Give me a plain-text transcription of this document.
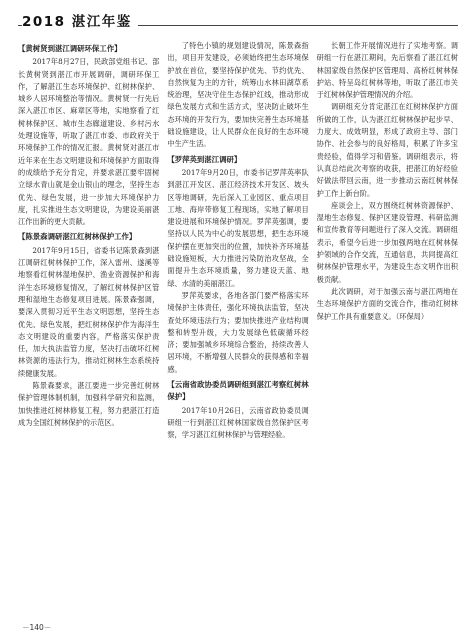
2018 湛江年鉴
【黄树贤到湛江调研环保工作】

2017年8月27日，民政部党组书记、部长黄树贤到湛江市开展调研，调研环保工作，了解湛江生态环境保护、红树林保护、城乡人居环境整治等情况。黄树贤一行先后深入湛江市区、麻章区等地，实地察看了红树林保护区、城市生态廊道建设、乡村污水处理设施等，听取了湛江市委、市政府关于环境保护工作的情况汇报。黄树贤对湛江市近年来在生态文明建设和环境保护方面取得的成绩给予充分肯定，并要求湛江要牢固树立绿水青山就是金山银山的理念，坚持生态优先、绿色发展，进一步加大环境保护力度，扎实推进生态文明建设，为建设美丽湛江作出新的更大贡献。

【陈景森调研湛江红树林保护工作】

2017年9月15日，省委书记陈景森到湛江调研红树林保护工作，深入雷州、遂溪等地察看红树林湿地保护、渔业资源保护和海洋生态环境修复情况，了解红树林保护区管理和湿地生态修复项目进展。陈景森强调，要深入贯彻习近平生态文明思想，坚持生态优先、绿色发展，把红树林保护作为海洋生态文明建设的重要内容，严格落实保护责任，加大执法监管力度，坚决打击破坏红树林资源的违法行为，推动红树林生态系统持续健康发展。

陈景森要求，湛江要进一步完善红树林保护管理体制机制，加强科学研究和监测，加快推进红树林修复工程，努力把湛江打造成为全国红树林保护的示范区。

了特色小镇的规划建设情况，陈景森指出，项目开发建设，必须始终把生态环境保护放在首位，要坚持保护优先、节约优先、自然恢复为主的方针，统筹山水林田湖草系统治理，坚决守住生态保护红线，推动形成绿色发展方式和生活方式，坚决防止破坏生态环境的开发行为，要加快完善生态环境基础设施建设，让人民群众在良好的生态环境中生产生活。

【罗萍英到湛江调研】

2017年9月20日，市委书记罗萍英率队到湛江开发区、湛江经济技术开发区、坡头区等地调研，先后深入工业园区、重点项目工地、海岸带修复工程现场，实地了解项目建设进展和环境保护情况。罗萍英强调，要坚持以人民为中心的发展思想，把生态环境保护摆在更加突出的位置，加快补齐环境基础设施短板，大力推进污染防治攻坚战，全面提升生态环境质量，努力建设天蓝、地绿、水清的美丽湛江。

罗萍英要求，各地各部门要严格落实环境保护主体责任，强化环境执法监管，坚决查处环境违法行为；要加快推进产业结构调整和转型升级，大力发展绿色低碳循环经济；要加强城乡环境综合整治，持续改善人居环境，不断增强人民群众的获得感和幸福感。

【云南省政协委员调研组到湛江考察红树林保护】

2017年10月26日，云南省政协委员调研组一行到湛江红树林国家级自然保护区考察，学习湛江红树林保护与管理经验。

长朝工作开展情况进行了实地考察。调研组一行在湛江期间，先后察看了湛江红树林国家级自然保护区管理局、高桥红树林保护站、特呈岛红树林等地，听取了湛江市关于红树林保护管理情况的介绍。

调研组充分肯定湛江在红树林保护方面所做的工作，认为湛江红树林保护起步早、力度大、成效明显，形成了政府主导、部门协作、社会参与的良好格局，积累了许多宝贵经验，值得学习和借鉴。调研组表示，将认真总结此次考察的收获，把湛江的好经验好做法带回云南，进一步推动云南红树林保护工作上新台阶。

座谈会上，双方围绕红树林资源保护、湿地生态修复、保护区建设管理、科研监测和宣传教育等问题进行了深入交流。调研组表示，希望今后进一步加强两地在红树林保护领域的合作交流，互通信息，共同提高红树林保护管理水平，为建设生态文明作出积极贡献。

此次调研，对于加强云南与湛江两地在生态环境保护方面的交流合作，推动红树林保护工作具有重要意义。（环保局）

－140－
